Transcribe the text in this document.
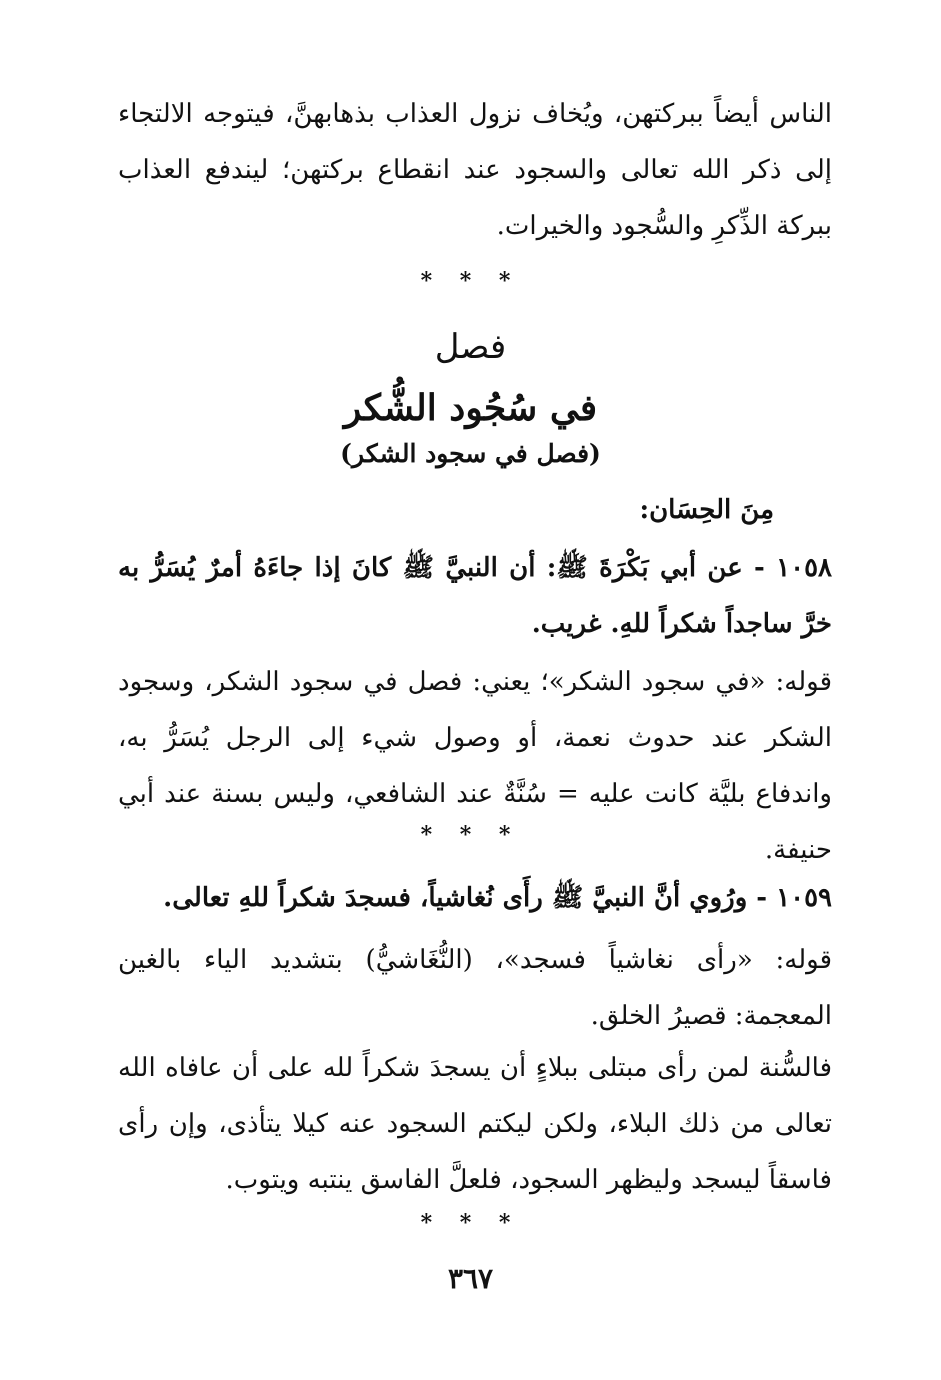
الناس أيضاً ببركتهن، ويُخاف نزول العذاب بذهابهنَّ، فيتوجه الالتجاء إلى ذكر الله تعالى والسجود عند انقطاع بركتهن؛ ليندفع العذاب ببركة الذِّكرِ والسُّجود والخيرات.

* * *
فصل
في سُجُود الشُّكر
(فصل في سجود الشكر)
مِنَ الحِسَان:

١٠٥٨ - عن أبي بَكْرَةَ ﷺ: أن النبيَّ ﷺ كانَ إذا جاءَهُ أمرٌ يُسَرُّ به خرَّ ساجداً شكراً للهِ. غريب.

قوله: «في سجود الشكر»؛ يعني: فصل في سجود الشكر، وسجود الشكر عند حدوث نعمة، أو وصول شيء إلى الرجل يُسَرُّ به، واندفاع بليَّة كانت عليه = سُنَّةٌ عند الشافعي، وليس بسنة عند أبي حنيفة.

* * *

١٠٥٩ - ورُوي أنَّ النبيَّ ﷺ رأَى نُغاشياً، فسجدَ شكراً للهِ تعالى.

قوله: «رأى نغاشياً فسجد»، (النُّغَاشيُّ) بتشديد الياء بالغين المعجمة: قصيرُ الخلق.

فالسُّنة لمن رأى مبتلى ببلاءٍ أن يسجدَ شكراً لله على أن عافاه الله تعالى من ذلك البلاء، ولكن ليكتم السجود عنه كيلا يتأذى، وإن رأى فاسقاً ليسجد وليظهر السجود، فلعلَّ الفاسق ينتبه ويتوب.

* * *
٣٦٧
